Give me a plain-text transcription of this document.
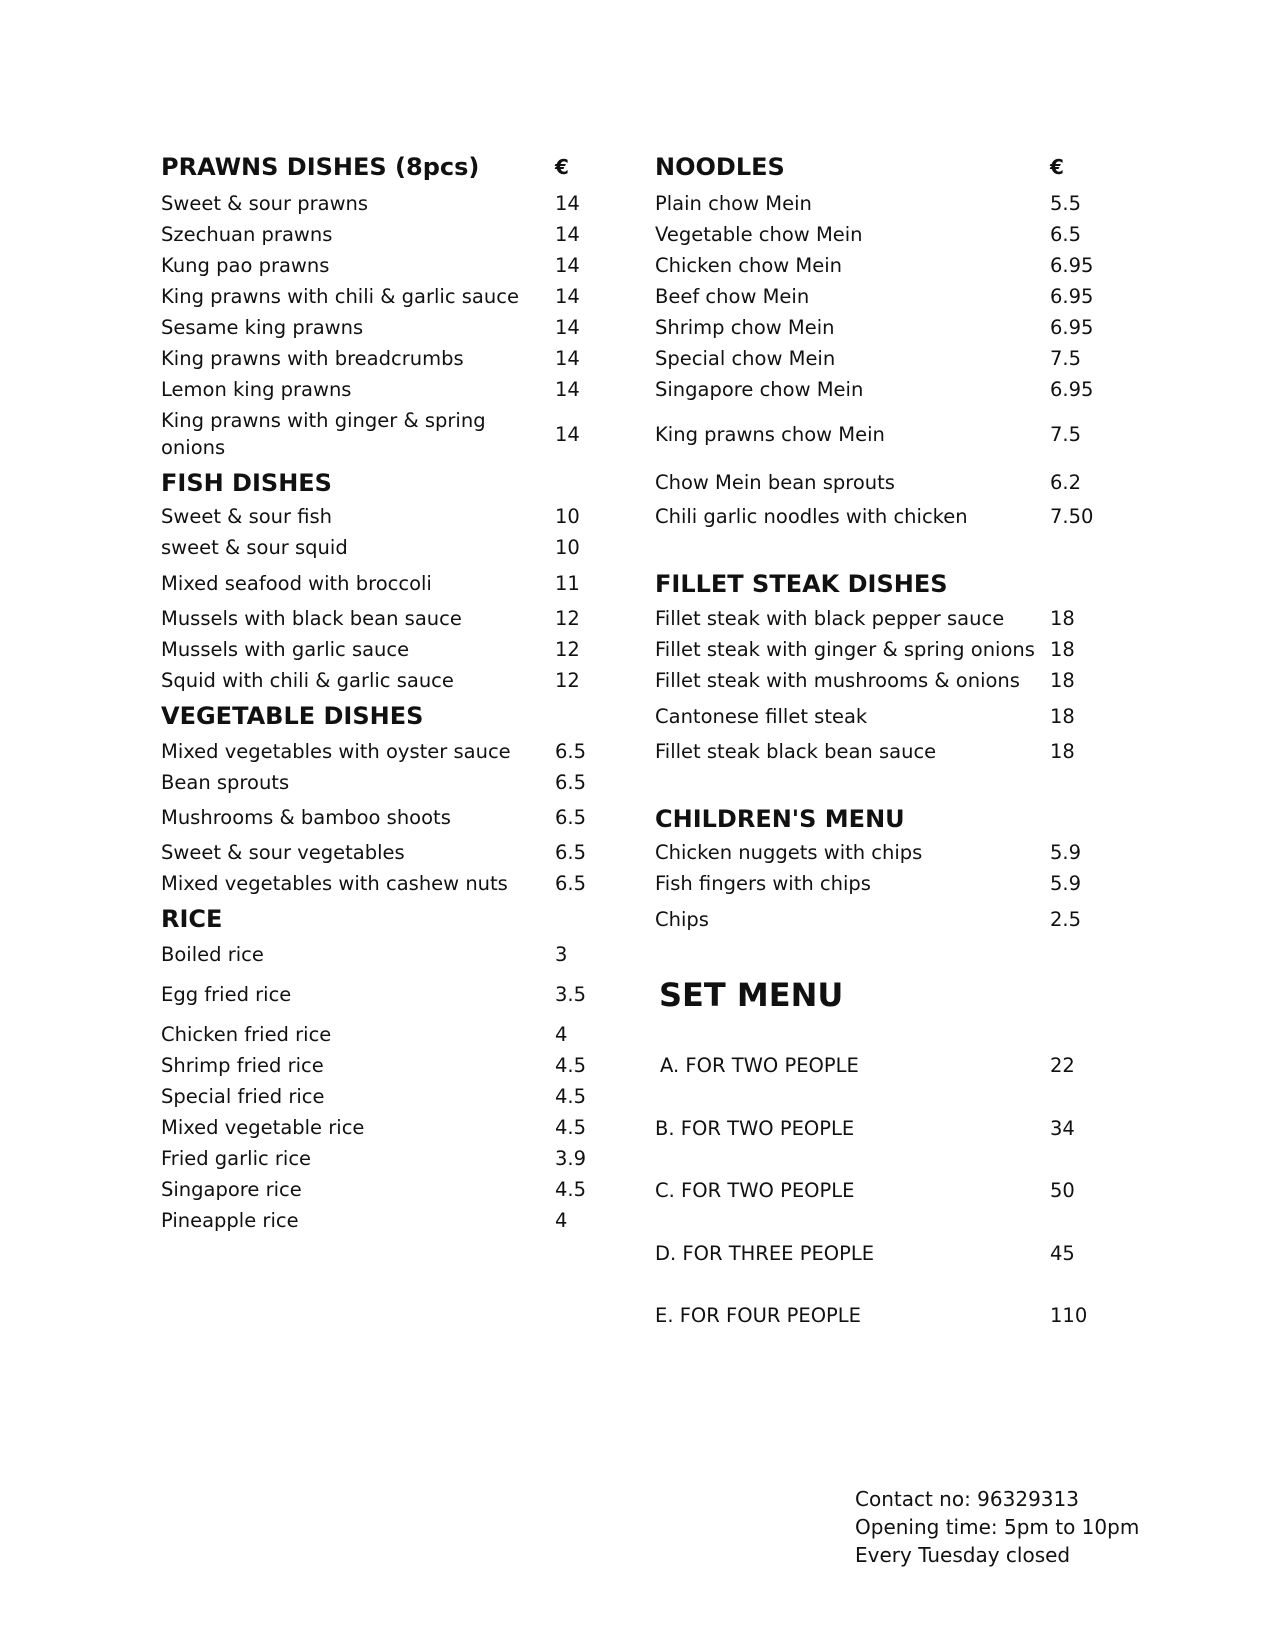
PRAWNS DISHES (8pcs)	€
Sweet & sour prawns	14
Szechuan prawns	14
Kung pao prawns	14
King prawns with chili & garlic sauce 14
Sesame king prawns	14
King prawns with breadcrumbs	14
Lemon king prawns	14
King prawns with ginger & spring onions
14
FISH DISHES
Sweet & sour fish	10
sweet & sour squid	10
Mixed seafood with broccoli	11
Mussels with black bean sauce	12
Mussels with garlic sauce	12
Squid with chili & garlic sauce	12
VEGETABLE DISHES
Mixed vegetables with oyster sauce 6.5
Bean sprouts	6.5
Mushrooms & bamboo shoots	6.5
Sweet & sour vegetables	6.5
Mixed vegetables with cashew nuts 6.5
RICE
Boiled rice	3
Egg fried rice	3.5
Chicken fried rice	4
Shrimp fried rice	4.5
Special fried rice	4.5
Mixed vegetable rice	4.5
Fried garlic rice	3.9
Singapore rice	4.5
Pineapple rice	4
NOODLES	€
Plain chow Mein	5.5
Vegetable chow Mein	6.5
Chicken chow Mein	6.95
Beef chow Mein	6.95
Shrimp chow Mein	6.95
Special chow Mein	7.5
Singapore chow Mein	6.95
King prawns chow Mein	7.5
Chow Mein bean sprouts	6.2
Chili garlic noodles with chicken	7.50
FILLET STEAK DISHES
Fillet steak with black pepper sauce 18
Fillet steak with ginger & spring onions 18
Fillet steak with mushrooms & onions 18
Cantonese fillet steak	18
Fillet steak black bean sauce	18
CHILDREN'S MENU
Chicken nuggets with chips	5.9
Fish fingers with chips	5.9
Chips	2.5
SET MENU
A. FOR TWO PEOPLE	22
B. FOR TWO PEOPLE	34
C. FOR TWO PEOPLE	50
D. FOR THREE PEOPLE	45
E. FOR FOUR PEOPLE	110
Contact no: 96329313
Opening time: 5pm to 10pm
Every Tuesday closed
